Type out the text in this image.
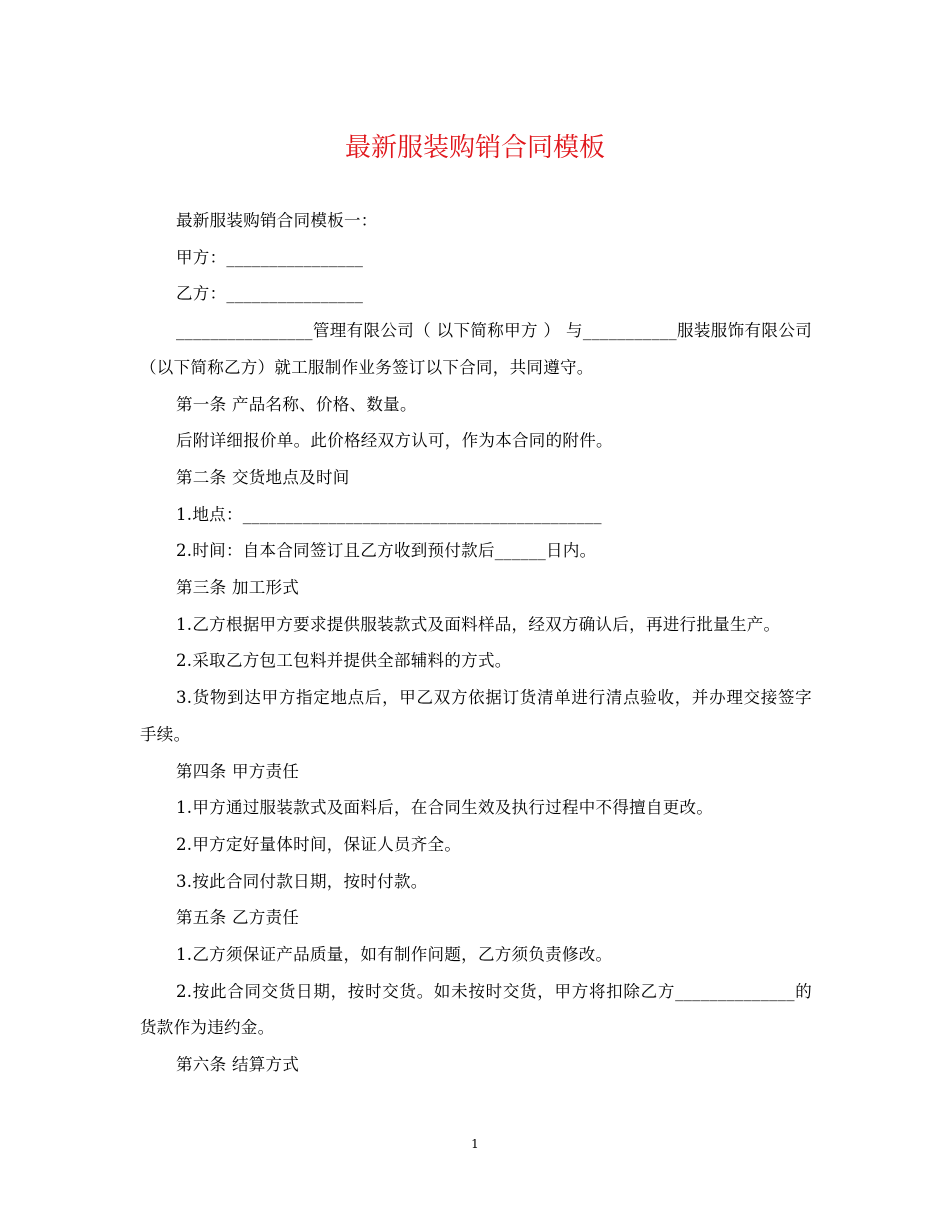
最新服装购销合同模板

最新服装购销合同模板一：

甲方：________________

乙方：________________

________________管理有限公司（ 以下简称甲方 ） 与___________服装服饰有限公司（以下简称乙方）就工服制作业务签订以下合同，共同遵守。

第一条 产品名称、价格、数量。

后附详细报价单。此价格经双方认可，作为本合同的附件。

第二条 交货地点及时间

1.地点：__________________________________________

2.时间：自本合同签订且乙方收到预付款后______日内。

第三条 加工形式

1.乙方根据甲方要求提供服装款式及面料样品，经双方确认后，再进行批量生产。

2.采取乙方包工包料并提供全部辅料的方式。

3.货物到达甲方指定地点后，甲乙双方依据订货清单进行清点验收，并办理交接签字手续。

第四条 甲方责任

1.甲方通过服装款式及面料后，在合同生效及执行过程中不得擅自更改。

2.甲方定好量体时间，保证人员齐全。

3.按此合同付款日期，按时付款。

第五条 乙方责任

1.乙方须保证产品质量，如有制作问题，乙方须负责修改。

2.按此合同交货日期，按时交货。如未按时交货，甲方将扣除乙方______________的货款作为违约金。

第六条 结算方式

1
